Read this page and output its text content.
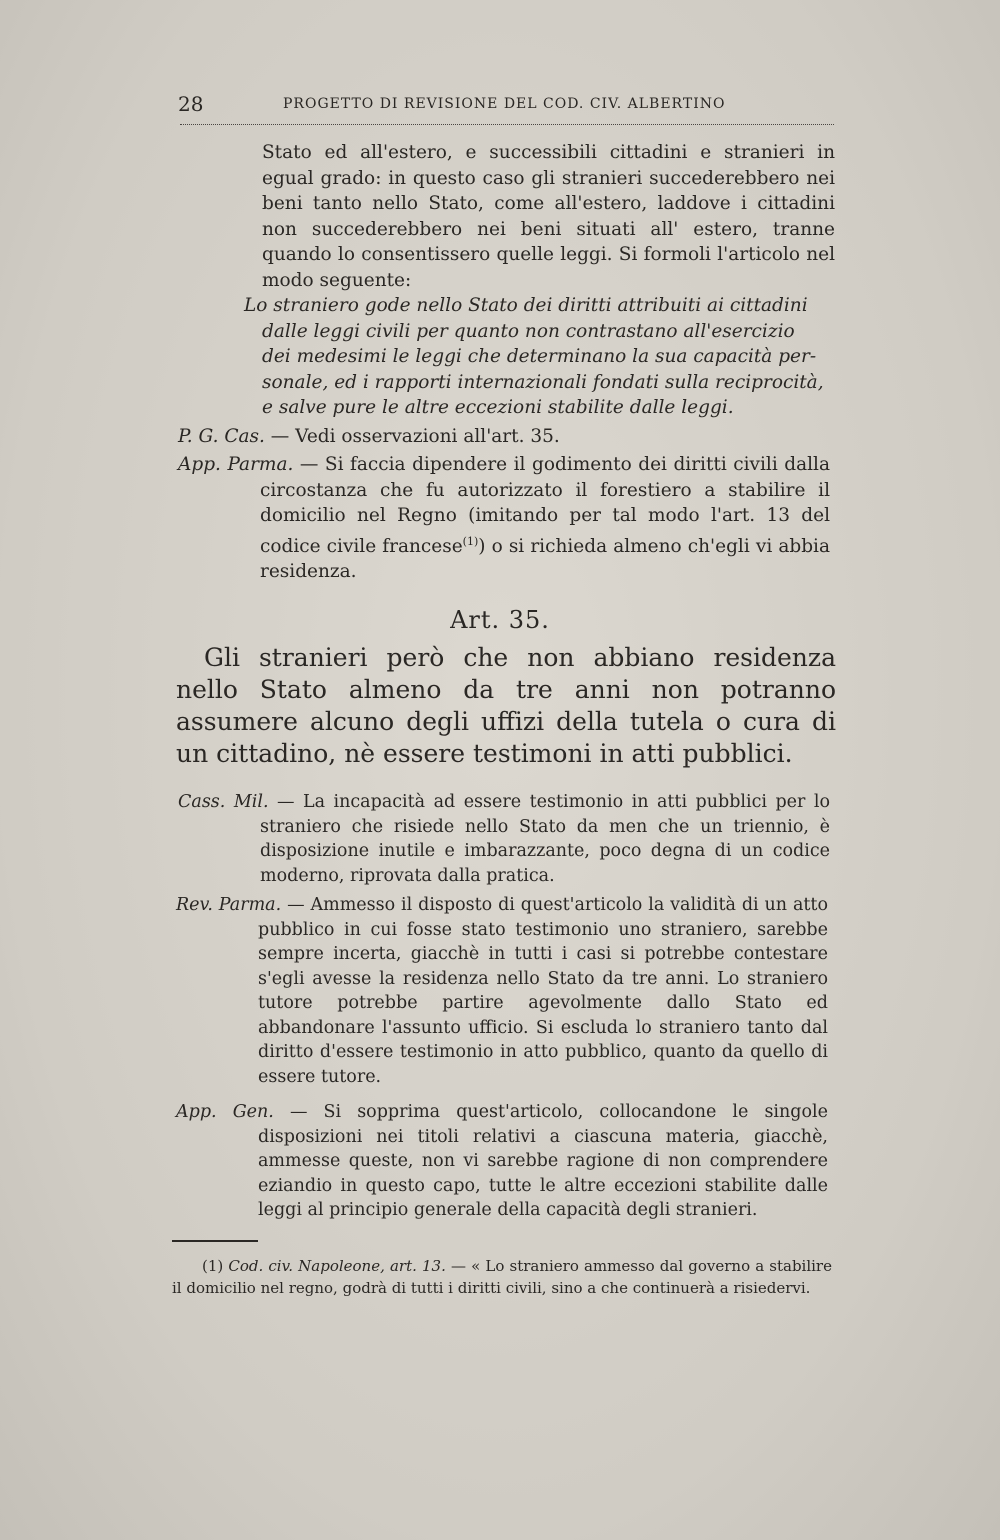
28	PROGETTO DI REVISIONE DEL COD. CIV. ALBERTINO
Stato ed all'estero, e successibili cittadini e stranieri in egual grado: in questo caso gli stranieri succederebbero nei beni tanto nello Stato, come all'estero, laddove i cittadini non succederebbero nei beni situati all' estero, tranne quando lo consentissero quelle leggi. Si formoli l'articolo nel modo seguente:
Lo straniero gode nello Stato dei diritti attribuiti ai cittadini
dalle leggi civili per quanto non contrastano all'esercizio
dei medesimi le leggi che determinano la sua capacità per-
sonale, ed i rapporti internazionali fondati sulla reciprocità,
e salve pure le altre eccezioni stabilite dalle leggi.
P. G. Cas. — Vedi osservazioni all'art. 35.
App. Parma. — Si faccia dipendere il godimento dei diritti civili dalla circostanza che fu autorizzato il forestiero a stabilire il domicilio nel Regno (imitando per tal modo l'art. 13 del codice civile francese$^{(1)}$) o si richieda almeno ch'egli vi abbia residenza.
Art. 35.
Gli stranieri però che non abbiano residenza nello Stato almeno da tre anni non potranno assumere alcuno degli uffizi della tutela o cura di un cittadino, nè essere testimoni in atti pubblici.
Cass. Mil. — La incapacità ad essere testimonio in atti pubblici per lo straniero che risiede nello Stato da men che un triennio, è disposizione inutile e imbarazzante, poco degna di un codice moderno, riprovata dalla pratica.
Rev. Parma. — Ammesso il disposto di quest'articolo la validità di un atto pubblico in cui fosse stato testimonio uno straniero, sarebbe sempre incerta, giacchè in tutti i casi si potrebbe contestare s'egli avesse la residenza nello Stato da tre anni. Lo straniero tutore potrebbe partire agevolmente dallo Stato ed abbandonare l'assunto ufficio. Si escluda lo straniero tanto dal diritto d'essere testimonio in atto pubblico, quanto da quello di essere tutore.
App. Gen. — Si sopprima quest'articolo, collocandone le singole disposizioni nei titoli relativi a ciascuna materia, giacchè, ammesse queste, non vi sarebbe ragione di non comprendere eziandio in questo capo, tutte le altre eccezioni stabilite dalle leggi al principio generale della capacità degli stranieri.
(1) Cod. civ. Napoleone, art. 13. — « Lo straniero ammesso dal governo a stabilire il domicilio nel regno, godrà di tutti i diritti civili, sino a che continuerà a risiedervi.
